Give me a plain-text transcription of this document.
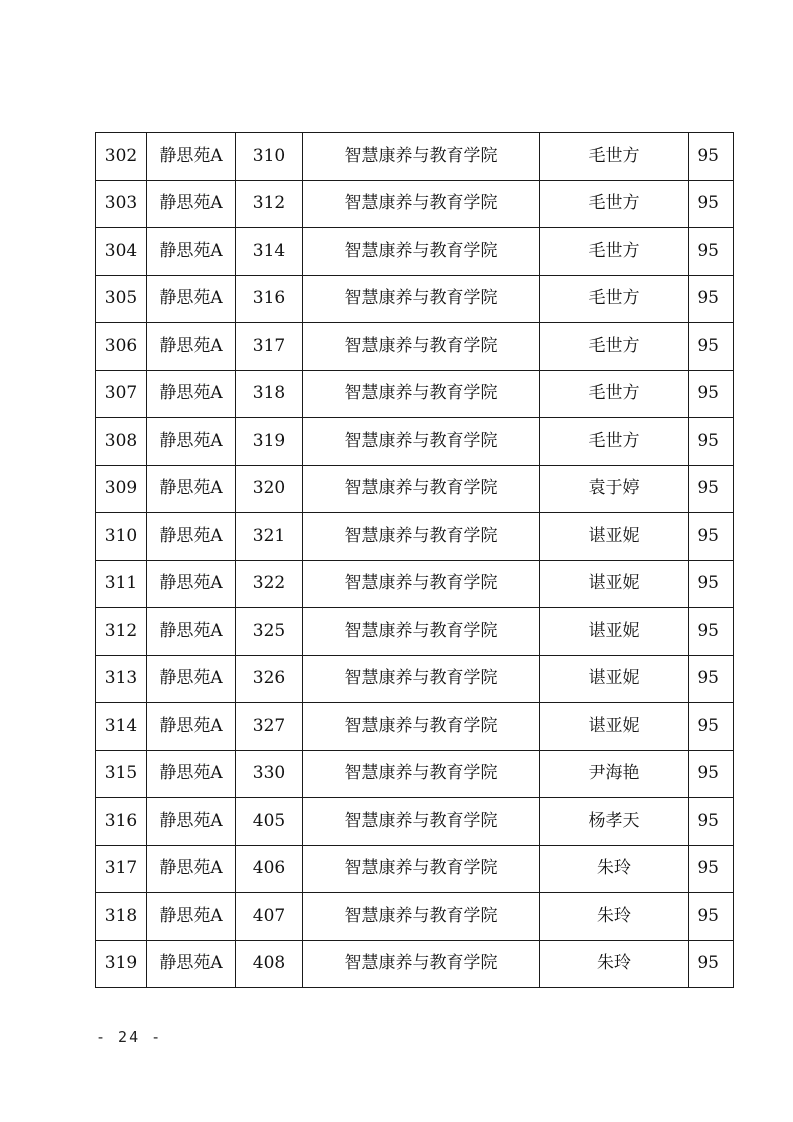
302	静思苑A	310	智慧康养与教育学院	毛世方	95
303	静思苑A	312	智慧康养与教育学院	毛世方	95
304	静思苑A	314	智慧康养与教育学院	毛世方	95
305	静思苑A	316	智慧康养与教育学院	毛世方	95
306	静思苑A	317	智慧康养与教育学院	毛世方	95
307	静思苑A	318	智慧康养与教育学院	毛世方	95
308	静思苑A	319	智慧康养与教育学院	毛世方	95
309	静思苑A	320	智慧康养与教育学院	袁于婷	95
310	静思苑A	321	智慧康养与教育学院	谌亚妮	95
311	静思苑A	322	智慧康养与教育学院	谌亚妮	95
312	静思苑A	325	智慧康养与教育学院	谌亚妮	95
313	静思苑A	326	智慧康养与教育学院	谌亚妮	95
314	静思苑A	327	智慧康养与教育学院	谌亚妮	95
315	静思苑A	330	智慧康养与教育学院	尹海艳	95
316	静思苑A	405	智慧康养与教育学院	杨孝天	95
317	静思苑A	406	智慧康养与教育学院	朱玲	95
318	静思苑A	407	智慧康养与教育学院	朱玲	95
319	静思苑A	408	智慧康养与教育学院	朱玲	95
- 24 -
